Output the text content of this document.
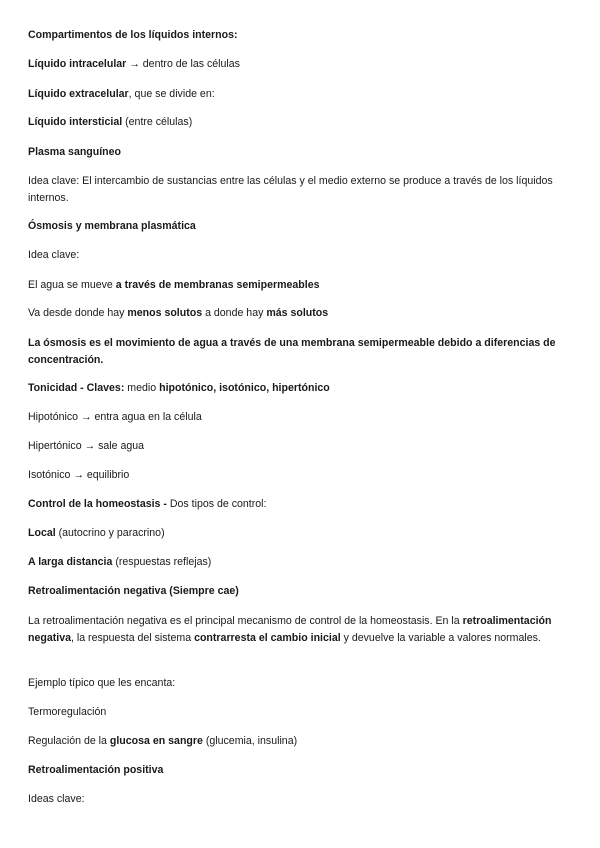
Compartimentos de los líquidos internos:

Líquido intracelular → dentro de las células

Líquido extracelular, que se divide en:

Líquido intersticial (entre células)

Plasma sanguíneo

Idea clave: El intercambio de sustancias entre las células y el medio externo se produce a través de los líquidos internos.

Ósmosis y membrana plasmática

Idea clave:

El agua se mueve a través de membranas semipermeables

Va desde donde hay menos solutos a donde hay más solutos

La ósmosis es el movimiento de agua a través de una membrana semipermeable debido a diferencias de concentración.

Tonicidad - Claves: medio hipotónico, isotónico, hipertónico

Hipotónico → entra agua en la célula

Hipertónico → sale agua

Isotónico → equilibrio

Control de la homeostasis - Dos tipos de control:

Local (autocrino y paracrino)

A larga distancia (respuestas reflejas)

Retroalimentación negativa (Siempre cae)

La retroalimentación negativa es el principal mecanismo de control de la homeostasis. En la retroalimentación negativa, la respuesta del sistema contrarresta el cambio inicial y devuelve la variable a valores normales.

Ejemplo típico que les encanta:

Termoregulación

Regulación de la glucosa en sangre (glucemia, insulina)

Retroalimentación positiva

Ideas clave:
